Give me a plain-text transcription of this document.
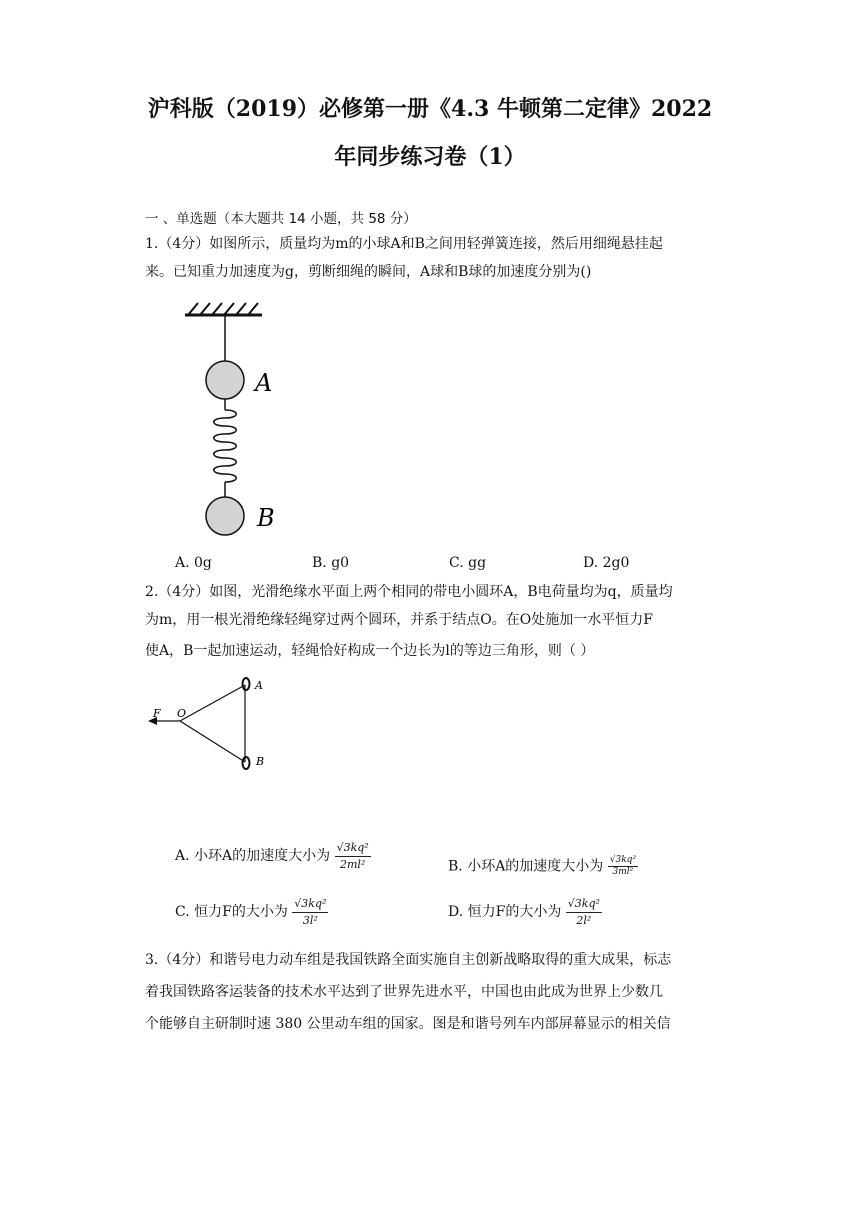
沪科版（2019）必修第一册《4.3 牛顿第二定律》2022
年同步练习卷（1）
一 、单选题（本大题共 14 小题，共 58 分）
1.（4分）如图所示，质量均为m的小球A和B之间用轻弹簧连接，然后用细绳悬挂起
来。已知重力加速度为g，剪断细绳的瞬间，A球和B球的加速度分别为()
A
B
A. 0g	B. g0	C. gg	D. 2g0
2.（4分）如图，光滑绝缘水平面上两个相同的带电小圆环A，B电荷量均为q，质量均
为m，用一根光滑绝缘轻绳穿过两个圆环，并系于结点O。在O处施加一水平恒力F
使A，B一起加速运动，轻绳恰好构成一个边长为l的等边三角形，则（ ）
F O
A
B
A. 小环A的加速度大小为 $\frac{\text{√3kq²}}{\text{2ml²}}$	B. 小环A的加速度大小为 $\frac{\text{√3kq²}}{\text{3ml²}}$
C. 恒力F的大小为 $\frac{\text{√3kq²}}{\text{3l²}}$	D. 恒力F的大小为 $\frac{\text{√3kq²}}{\text{2l²}}$
3.（4分）和谐号电力动车组是我国铁路全面实施自主创新战略取得的重大成果，标志
着我国铁路客运装备的技术水平达到了世界先进水平，中国也由此成为世界上少数几
个能够自主研制时速 380 公里动车组的国家。图是和谐号列车内部屏幕显示的相关信
